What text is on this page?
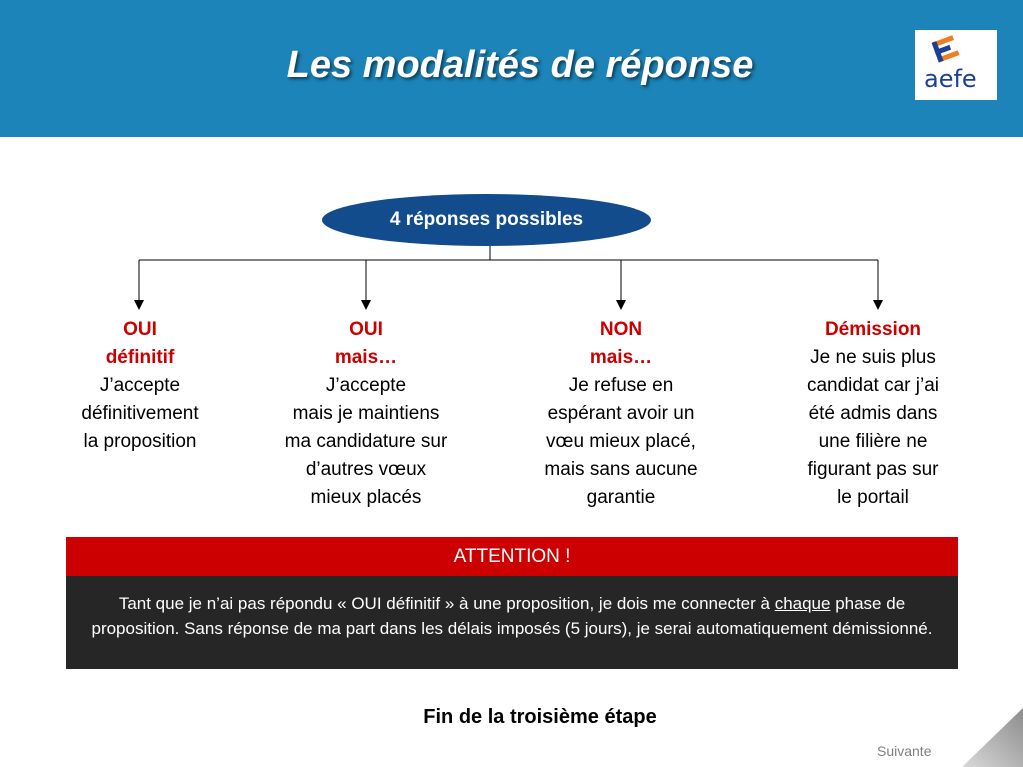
Les modalités de réponse	aefe
4 réponses possibles
OUI
définitif
J’accepte
définitivement
la proposition
OUI
mais…
J’accepte
mais je maintiens
ma candidature sur
d’autres vœux
mieux placés
NON
mais…
Je refuse en
espérant avoir un
vœu mieux placé,
mais sans aucune
garantie
Démission
Je ne suis plus
candidat car j’ai
été admis dans
une filière ne
figurant pas sur
le portail
ATTENTION !
Tant que je n’ai pas répondu « OUI définitif » à une proposition, je dois me connecter à chaque phase de proposition. Sans réponse de ma part dans les délais imposés (5 jours), je serai automatiquement démissionné.
Fin de la troisième étape
Suivante
